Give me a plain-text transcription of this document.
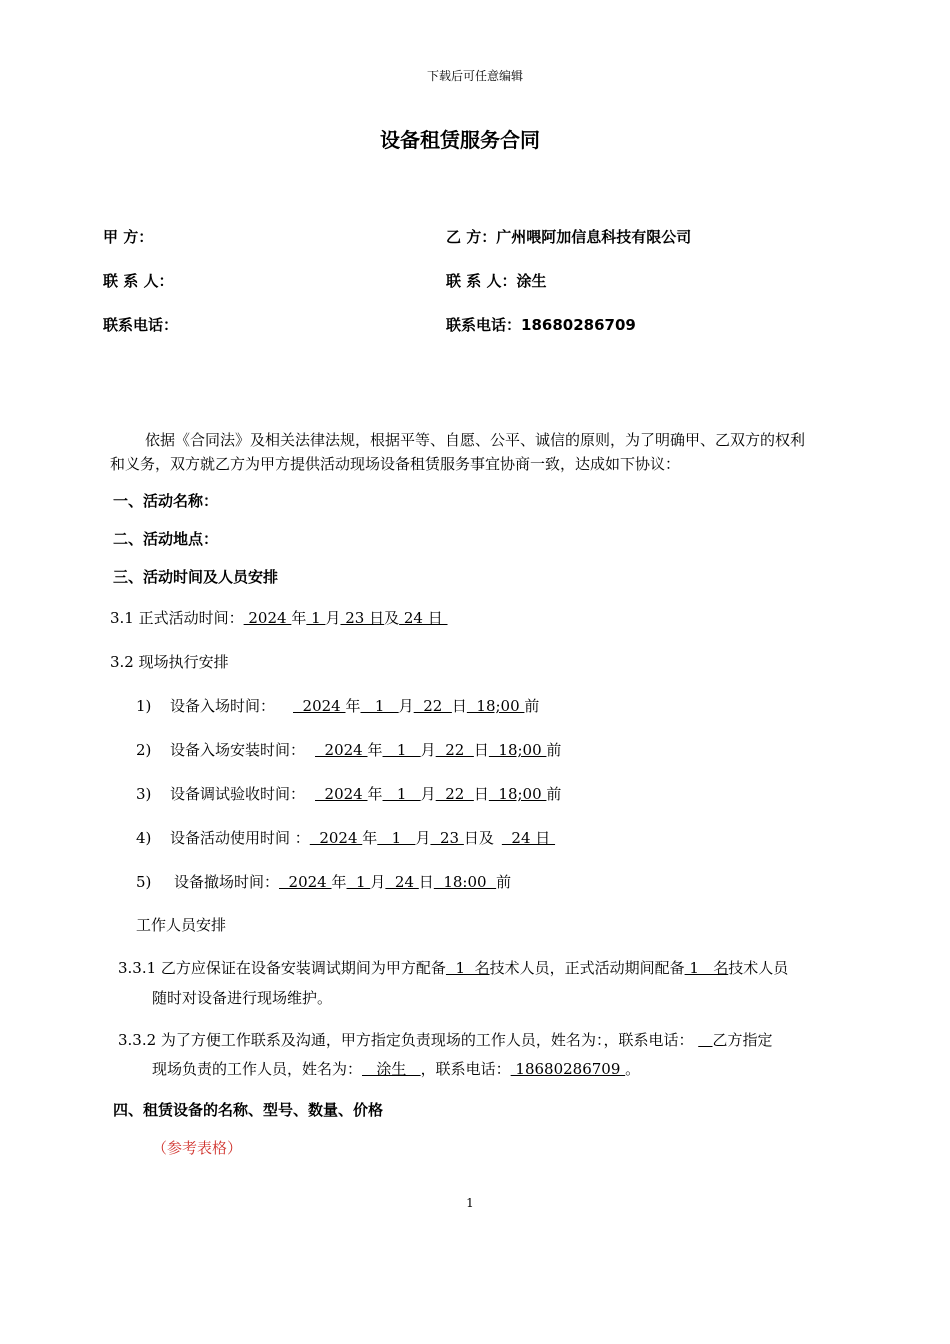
下载后可任意编辑
设备租赁服务合同
甲 方：
联 系 人：
联系电话：
乙 方：广州喂阿加信息科技有限公司
联 系 人：涂生
联系电话：18680286709
依据《合同法》及相关法律法规，根据平等、自愿、公平、诚信的原则，为了明确甲、乙双方的权利
和义务，双方就乙方为甲方提供活动现场设备租赁服务事宜协商一致，达成如下协议：
一、活动名称：
二、活动地点：
三、活动时间及人员安排
3.1 正式活动时间： 2024 年 1 月 23 日及 24 日
3.2 现场执行安排
1) 设备入场时间：  2024 年   1   月  22  日  18;00 前
2) 设备入场安装时间：  2024 年   1   月  22  日  18;00 前
3) 设备调试验收时间：  2024 年   1   月  22  日  18;00 前
4) 设备活动使用时间 ：  2024 年   1   月  23 日及  24 日
5) 设备撤场时间：  2024 年  1 月  24 日  18:00  前
工作人员安排
3.3.1 乙方应保证在设备安装调试期间为甲方配备  1  名技术人员，正式活动期间配备 1   名技术人员
随时对设备进行现场维护。
3.3.2 为了方便工作联系及沟通，甲方指定负责现场的工作人员，姓名为：，联系电话：    乙方指定
现场负责的工作人员，姓名为：   涂生   ，联系电话： 18680286709 。
四、租赁设备的名称、型号、数量、价格
（参考表格）
1
